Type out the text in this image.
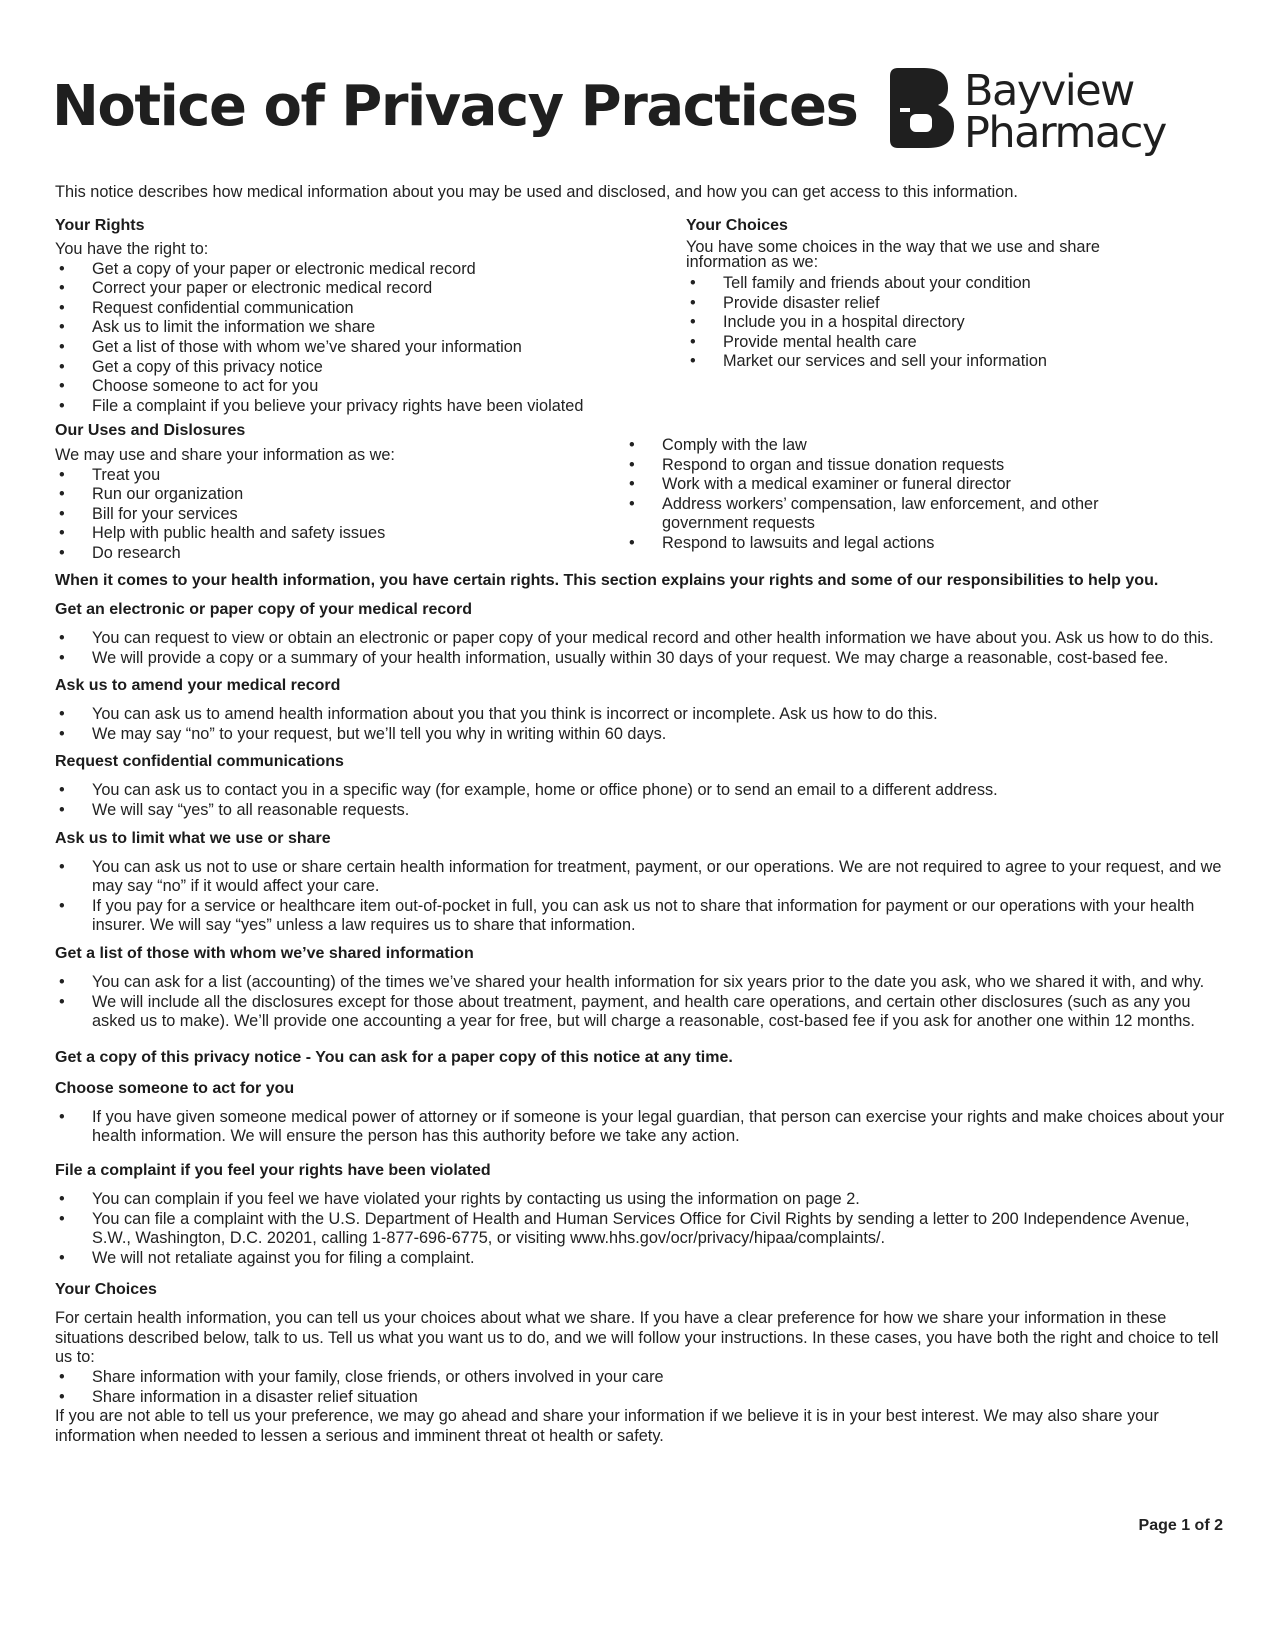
Notice of Privacy Practices Bayview
Pharmacy
This notice describes how medical information about you may be used and disclosed, and how you can get access to this information.
Your Rights
You have the right to:
• Get a copy of your paper or electronic medical record
• Correct your paper or electronic medical record
• Request confidential communication
• Ask us to limit the information we share
• Get a list of those with whom we’ve shared your information
• Get a copy of this privacy notice
• Choose someone to act for you
• File a complaint if you believe your privacy rights have been violated
Your Choices
You have some choices in the way that we use and share information as we:
• Tell family and friends about your condition
• Provide disaster relief
• Include you in a hospital directory
• Provide mental health care
• Market our services and sell your information
Our Uses and Dislosures
We may use and share your information as we:
• Treat you
• Run our organization
• Bill for your services
• Help with public health and safety issues
• Do research
• Comply with the law
• Respond to organ and tissue donation requests
• Work with a medical examiner or funeral director
• Address workers’ compensation, law enforcement, and other government requests
• Respond to lawsuits and legal actions
When it comes to your health information, you have certain rights. This section explains your rights and some of our responsibilities to help you.
Get an electronic or paper copy of your medical record
• You can request to view or obtain an electronic or paper copy of your medical record and other health information we have about you. Ask us how to do this.
• We will provide a copy or a summary of your health information, usually within 30 days of your request. We may charge a reasonable, cost-based fee.
Ask us to amend your medical record
• You can ask us to amend health information about you that you think is incorrect or incomplete. Ask us how to do this.
• We may say “no” to your request, but we’ll tell you why in writing within 60 days.
Request confidential communications
• You can ask us to contact you in a specific way (for example, home or office phone) or to send an email to a different address.
• We will say “yes” to all reasonable requests.
Ask us to limit what we use or share
• You can ask us not to use or share certain health information for treatment, payment, or our operations. We are not required to agree to your request, and we may say “no” if it would affect your care.
• If you pay for a service or healthcare item out-of-pocket in full, you can ask us not to share that information for payment or our operations with your health insurer. We will say “yes” unless a law requires us to share that information.
Get a list of those with whom we’ve shared information
• You can ask for a list (accounting) of the times we’ve shared your health information for six years prior to the date you ask, who we shared it with, and why.
• We will include all the disclosures except for those about treatment, payment, and health care operations, and certain other disclosures (such as any you asked us to make). We’ll provide one accounting a year for free, but will charge a reasonable, cost-based fee if you ask for another one within 12 months.
Get a copy of this privacy notice - You can ask for a paper copy of this notice at any time.
Choose someone to act for you
• If you have given someone medical power of attorney or if someone is your legal guardian, that person can exercise your rights and make choices about your health information. We will ensure the person has this authority before we take any action.
File a complaint if you feel your rights have been violated
• You can complain if you feel we have violated your rights by contacting us using the information on page 2.
• You can file a complaint with the U.S. Department of Health and Human Services Office for Civil Rights by sending a letter to 200 Independence Avenue, S.W., Washington, D.C. 20201, calling 1-877-696-6775, or visiting www.hhs.gov/ocr/privacy/hipaa/complaints/.
• We will not retaliate against you for filing a complaint.
Your Choices
For certain health information, you can tell us your choices about what we share. If you have a clear preference for how we share your information in these situations described below, talk to us. Tell us what you want us to do, and we will follow your instructions. In these cases, you have both the right and choice to tell us to:
• Share information with your family, close friends, or others involved in your care
• Share information in a disaster relief situation
If you are not able to tell us your preference, we may go ahead and share your information if we believe it is in your best interest. We may also share your information when needed to lessen a serious and imminent threat ot health or safety.
Page 1 of 2
